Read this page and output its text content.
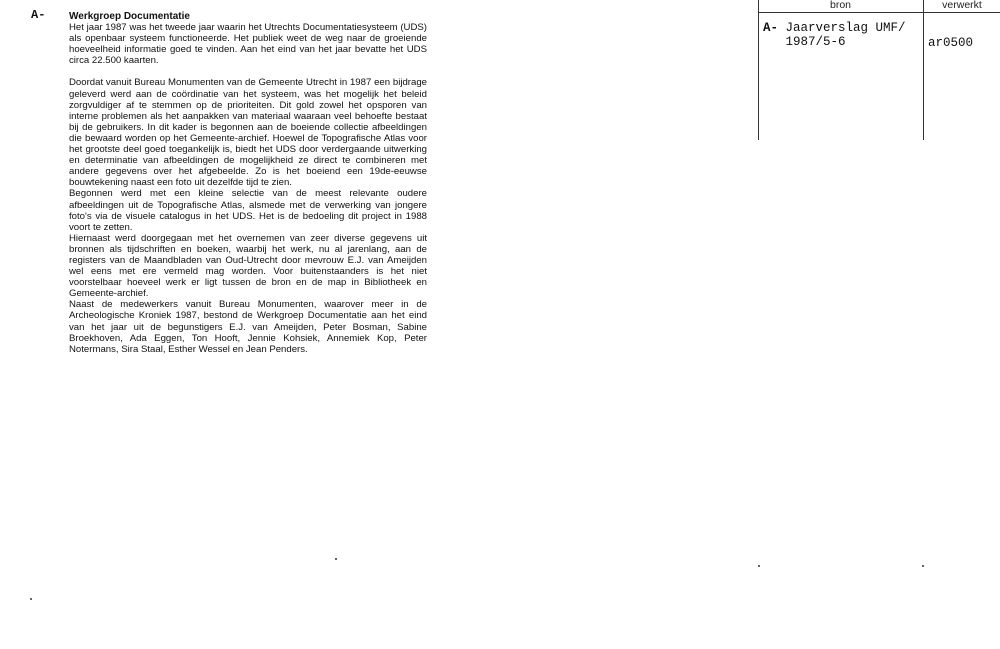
A- Werkgroep Documentatie

Het jaar 1987 was het tweede jaar waarin het Utrechts Documentatiesysteem (UDS) als openbaar systeem functioneerde. Het publiek weet de weg naar de groeiende hoeveelheid informatie goed te vinden. Aan het eind van het jaar bevatte het UDS circa 22.500 kaarten.

Doordat vanuit Bureau Monumenten van de Gemeente Utrecht in 1987 een bijdrage geleverd werd aan de coördinatie van het systeem, was het mogelijk het beleid zorgvuldiger af te stemmen op de prioriteiten. Dit gold zowel het opsporen van interne problemen als het aanpakken van materiaal waaraan veel behoefte bestaat bij de gebruikers. In dit kader is begonnen aan de boeiende collectie afbeeldingen die bewaard worden op het Gemeente-archief. Hoewel de Topografische Atlas voor het grootste deel goed toegankelijk is, biedt het UDS door verdergaande uitwerking en determinatie van afbeeldingen de mogelijkheid ze direct te combineren met andere gegevens over het afgebeelde. Zo is het boeiend een 19de-eeuwse bouwtekening naast een foto uit dezelfde tijd te zien.

Begonnen werd met een kleine selectie van de meest relevante oudere afbeeldingen uit de Topografische Atlas, alsmede met de verwerking van jongere foto's via de visuele catalogus in het UDS. Het is de bedoeling dit project in 1988 voort te zetten.

Hiernaast werd doorgegaan met het overnemen van zeer diverse gegevens uit bronnen als tijdschriften en boeken, waarbij het werk, nu al jarenlang, aan de registers van de Maandbladen van Oud-Utrecht door mevrouw E.J. van Ameijden wel eens met ere vermeld mag worden. Voor buitenstaanders is het niet voorstelbaar hoeveel werk er ligt tussen de bron en de map in Bibliotheek en Gemeente-archief.

Naast de medewerkers vanuit Bureau Monumenten, waarover meer in de Archeologische Kroniek 1987, bestond de Werkgroep Documentatie aan het eind van het jaar uit de begunstigers E.J. van Ameijden, Peter Bosman, Sabine Broekhoven, Ada Eggen, Ton Hooft, Jennie Kohsiek, Annemiek Kop, Peter Notermans, Sira Staal, Esther Wessel en Jean Penders.

bron	verwerkt
A- Jaarverslag UMF/
1987/5-6	ar0500
